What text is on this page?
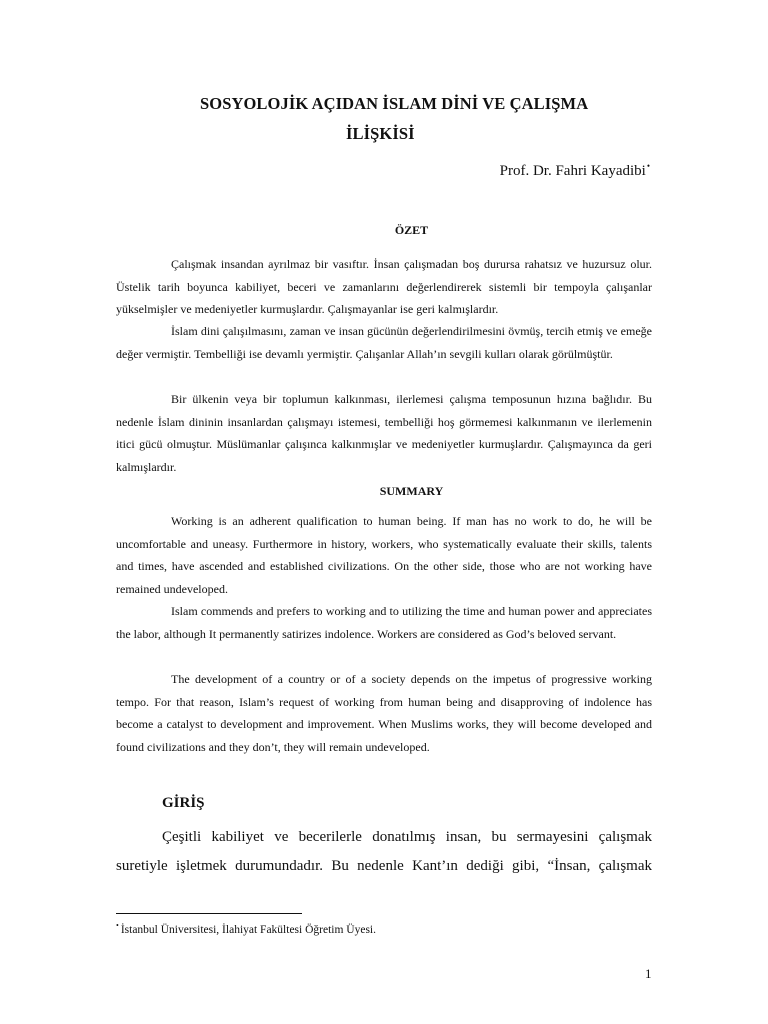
SOSYOLOJİK AÇIDAN İSLAM DİNİ VE ÇALIŞMA
İLİŞKİSİ
Prof. Dr. Fahri Kayadibi•
ÖZET

Çalışmak insandan ayrılmaz bir vasıftır. İnsan çalışmadan boş durursa rahatsız ve huzursuz olur. Üstelik tarih boyunca kabiliyet, beceri ve zamanlarını değerlendirerek sistemli bir tempoyla çalışanlar yükselmişler ve medeniyetler kurmuşlardır. Çalışmayanlar ise geri kalmışlardır.

İslam dini çalışılmasını, zaman ve insan gücünün değerlendirilmesini övmüş, tercih etmiş ve emeğe değer vermiştir. Tembelliği ise devamlı yermiştir. Çalışanlar Allah’ın sevgili kulları olarak görülmüştür.

Bir ülkenin veya bir toplumun kalkınması, ilerlemesi çalışma temposunun hızına bağlıdır. Bu nedenle İslam dininin insanlardan çalışmayı istemesi, tembelliği hoş görmemesi kalkınmanın ve ilerlemenin itici gücü olmuştur. Müslümanlar çalışınca kalkınmışlar ve medeniyetler kurmuşlardır. Çalışmayınca da geri kalmışlardır.

SUMMARY

Working is an adherent qualification to human being. If man has no work to do, he will be uncomfortable and uneasy. Furthermore in history, workers, who systematically evaluate their skills, talents and times, have ascended and established civilizations. On the other side, those who are not working have remained undeveloped.

Islam commends and prefers to working and to utilizing the time and human power and appreciates the labor, although It permanently satirizes indolence. Workers are considered as God’s beloved servant.

The development of a country or of a society depends on the impetus of progressive working tempo. For that reason, Islam’s request of working from human being and disapproving of indolence has become a catalyst to development and improvement. When Muslims works, they will become developed and found civilizations and they don’t, they will remain undeveloped.

GİRİŞ

Çeşitli kabiliyet ve becerilerle donatılmış insan, bu sermayesini çalışmak suretiyle işletmek durumundadır. Bu nedenle Kant’ın dediği gibi, “İnsan, çalışmak

• İstanbul Üniversitesi, İlahiyat Fakültesi Öğretim Üyesi.
1
